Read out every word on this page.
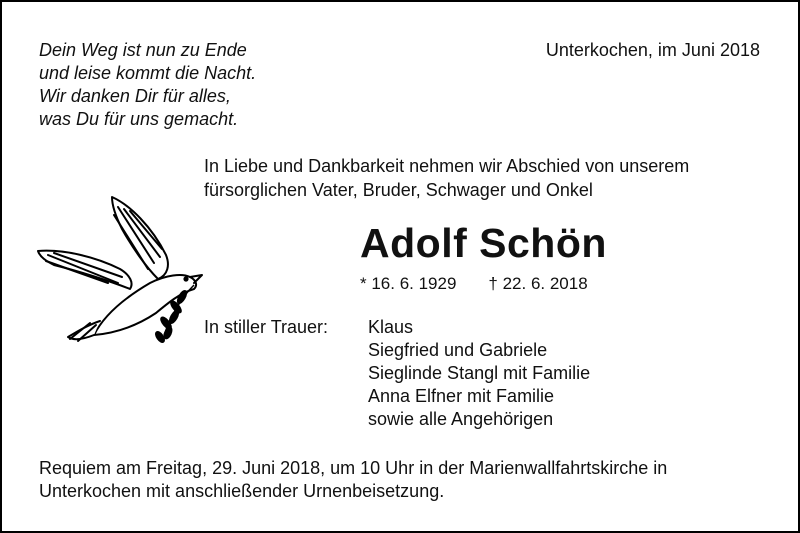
Dein Weg ist nun zu Ende
und leise kommt die Nacht.
Wir danken Dir für alles,
was Du für uns gemacht.
Unterkochen, im Juni 2018
In Liebe und Dankbarkeit nehmen wir Abschied von unserem
fürsorglichen Vater, Bruder, Schwager und Onkel
Adolf Schön
* 16. 6. 1929 † 22. 6. 2018
In stiller Trauer: Klaus
Siegfried und Gabriele
Sieglinde Stangl mit Familie
Anna Elfner mit Familie
sowie alle Angehörigen
Requiem am Freitag, 29. Juni 2018, um 10 Uhr in der Marienwallfahrtskirche in
Unterkochen mit anschließender Urnenbeisetzung.
